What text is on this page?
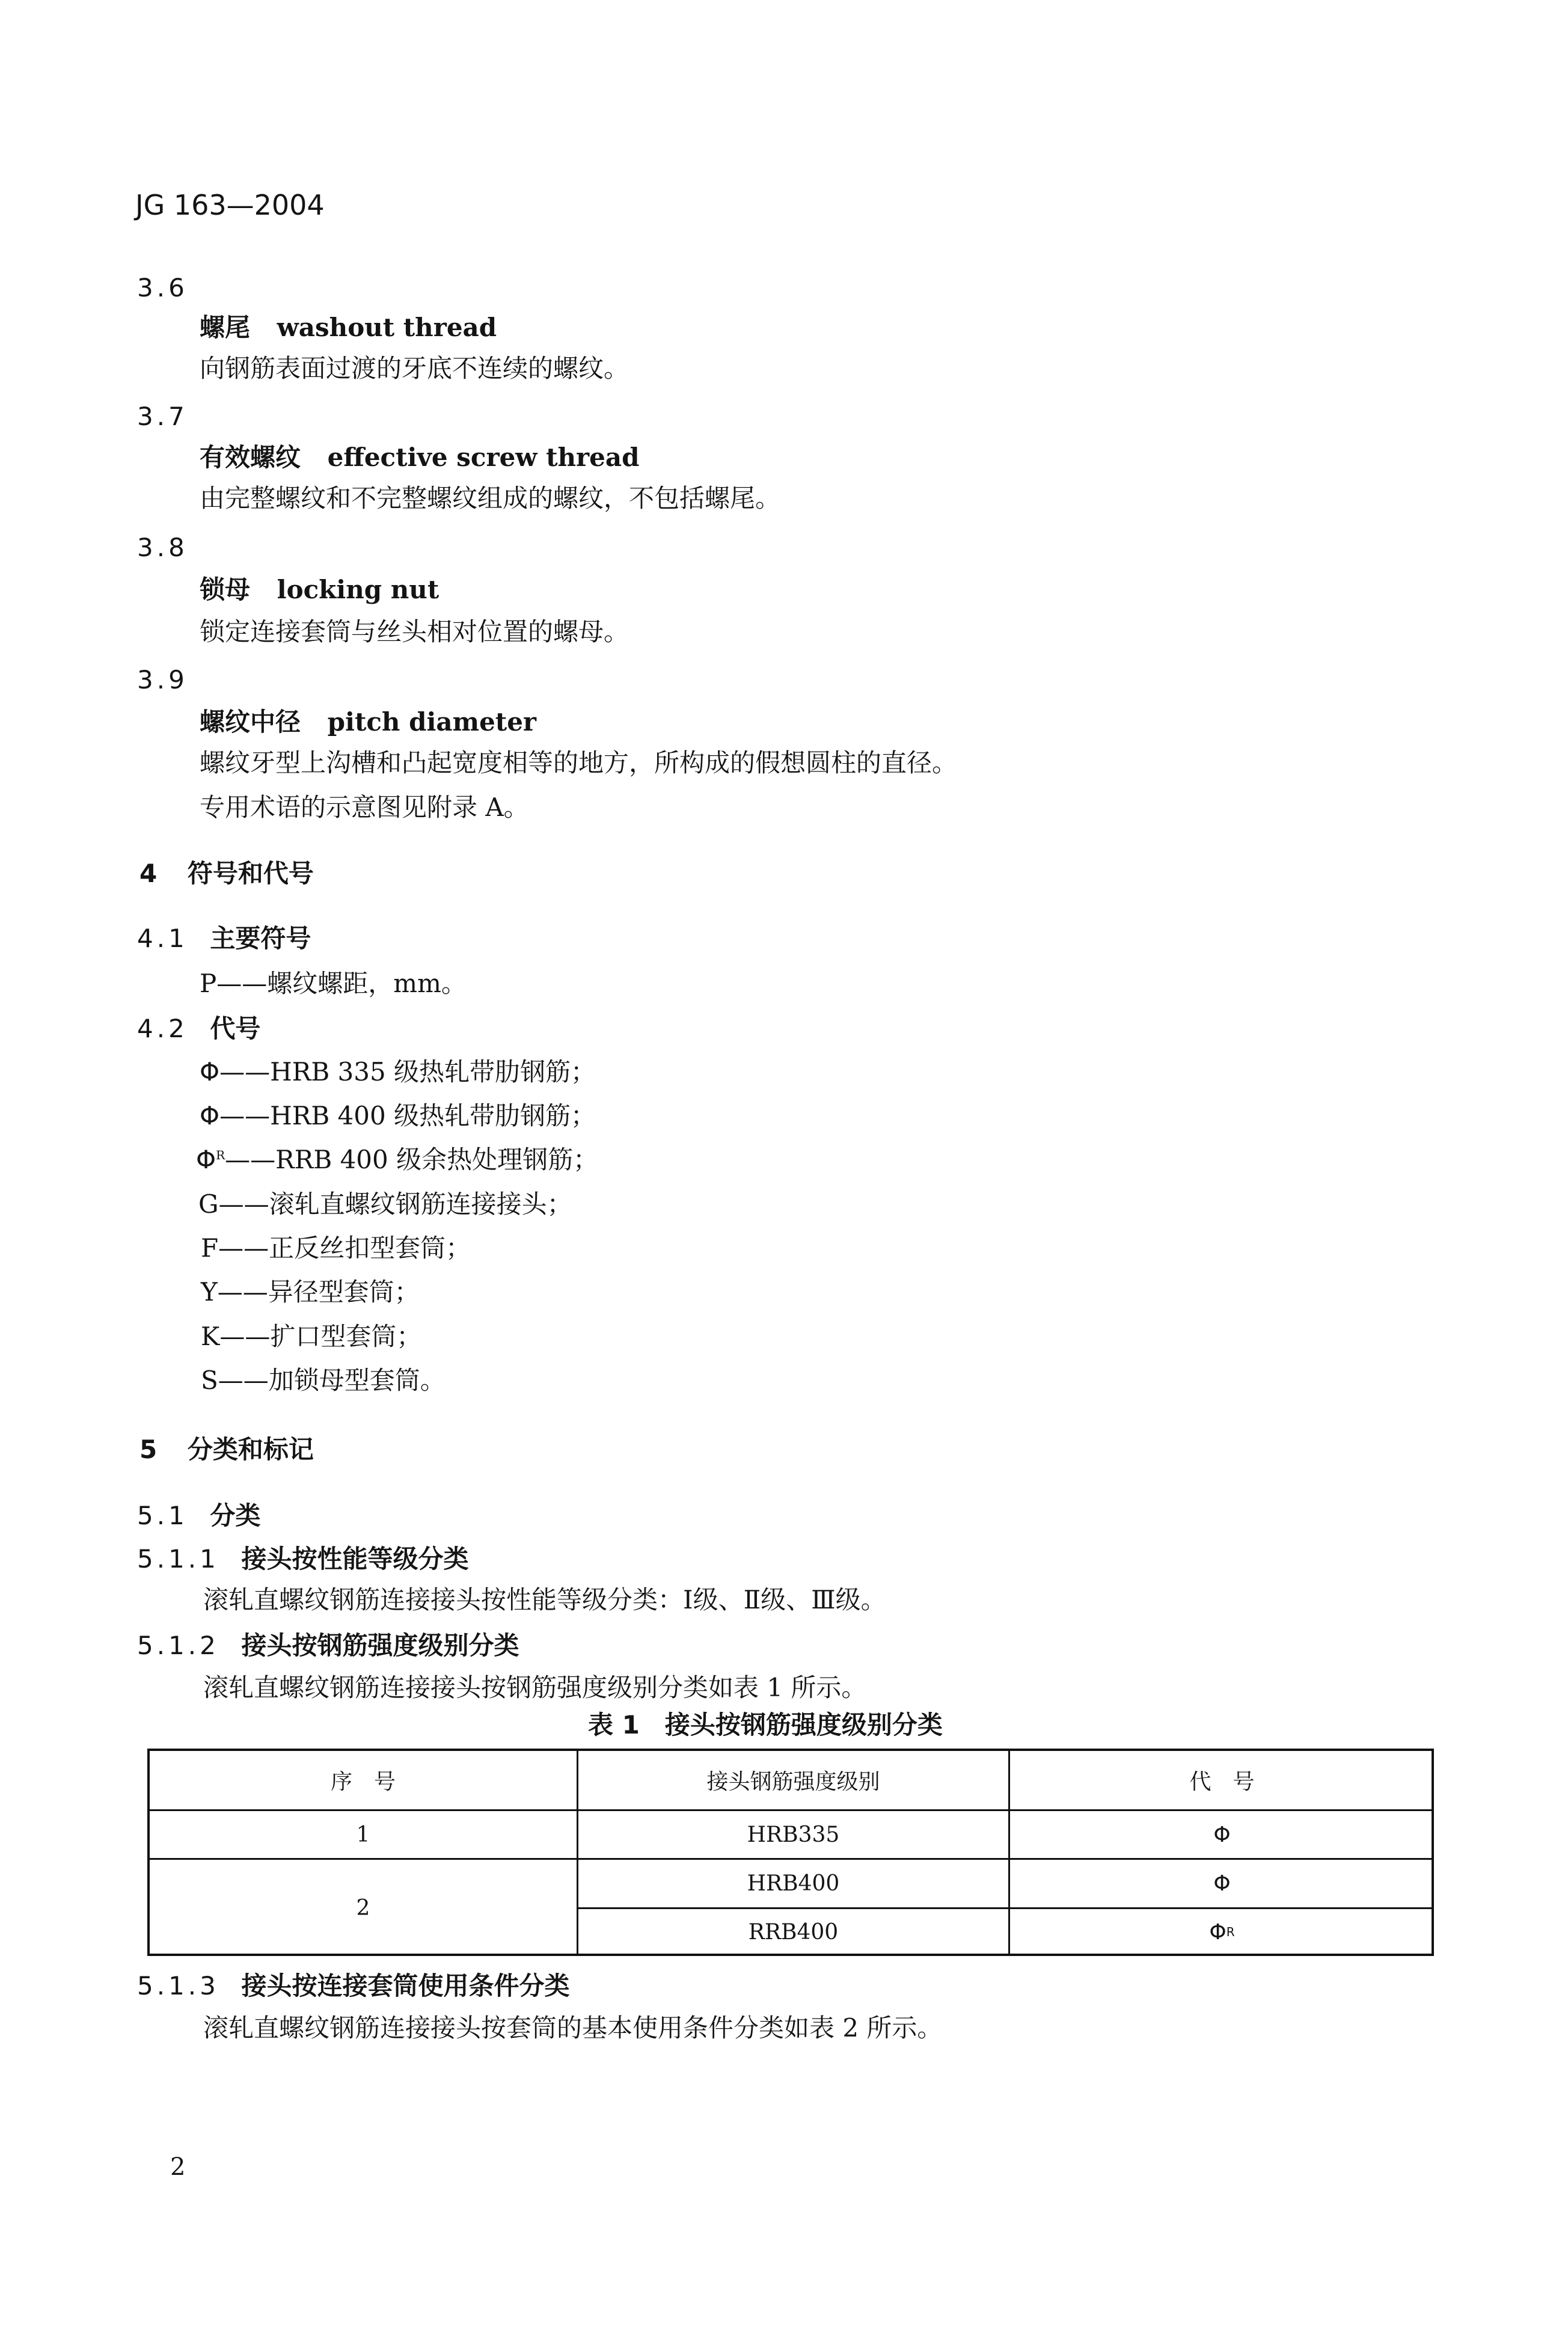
JG 163—2004
3.6
螺尾 washout thread
向钢筋表面过渡的牙底不连续的螺纹。
3.7
有效螺纹 effective screw thread
由完整螺纹和不完整螺纹组成的螺纹，不包括螺尾。
3.8
锁母 locking nut
锁定连接套筒与丝头相对位置的螺母。
3.9
螺纹中径 pitch diameter
螺纹牙型上沟槽和凸起宽度相等的地方，所构成的假想圆柱的直径。
专用术语的示意图见附录 A。
4 符号和代号
4.1 主要符号
P——螺纹螺距，mm。
4.2 代号
Φ——HRB 335 级热轧带肋钢筋；
Φ——HRB 400 级热轧带肋钢筋；
$\Phi^R——RRB$ 400 级余热处理钢筋；
G——滚轧直螺纹钢筋连接接头；
F——正反丝扣型套筒；
Y——异径型套筒；
K——扩口型套筒；
S——加锁母型套筒。
5 分类和标记
5.1 分类
5.1.1 接头按性能等级分类
滚轧直螺纹钢筋连接接头按性能等级分类：Ⅰ级、Ⅱ级、Ⅲ级。
5.1.2 接头按钢筋强度级别分类
滚轧直螺纹钢筋连接接头按钢筋强度级别分类如表 1 所示。
表 1　接头按钢筋强度级别分类
序　号	接头钢筋强度级别	代　号
1	HRB335	Φ
2
HRB400	Φ
RRB400	Φ R
5.1.3 接头按连接套筒使用条件分类
滚轧直螺纹钢筋连接接头按套筒的基本使用条件分类如表 2 所示。
2
